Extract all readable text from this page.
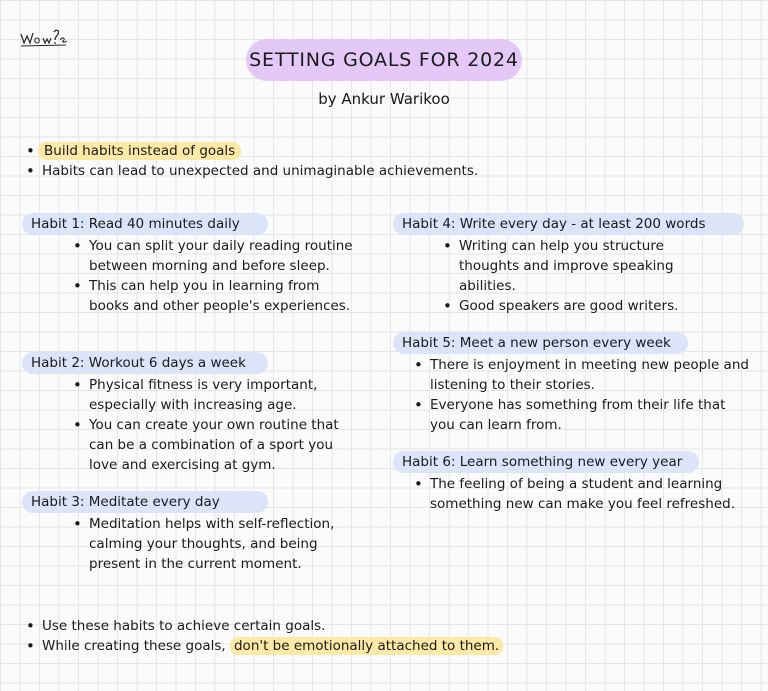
SETTING GOALS FOR 2024
by Ankur Warikoo
• Build habits instead of goals
• Habits can lead to unexpected and unimaginable achievements.
Habit 1: Read 40 minutes daily
• You can split your daily reading routine between morning and before sleep.
• This can help you in learning from books and other people's experiences.
Habit 2: Workout 6 days a week
• Physical fitness is very important, especially with increasing age.
• You can create your own routine that can be a combination of a sport you love and exercising at gym.
Habit 3: Meditate every day
• Meditation helps with self-reflection, calming your thoughts, and being present in the current moment.
Habit 4: Write every day - at least 200 words
• Writing can help you structure thoughts and improve speaking abilities.
• Good speakers are good writers.
Habit 5: Meet a new person every week
• There is enjoyment in meeting new people and listening to their stories.
• Everyone has something from their life that you can learn from.
Habit 6: Learn something new every year
• The feeling of being a student and learning something new can make you feel refreshed.
• Use these habits to achieve certain goals.
• While creating these goals, don't be emotionally attached to them.
